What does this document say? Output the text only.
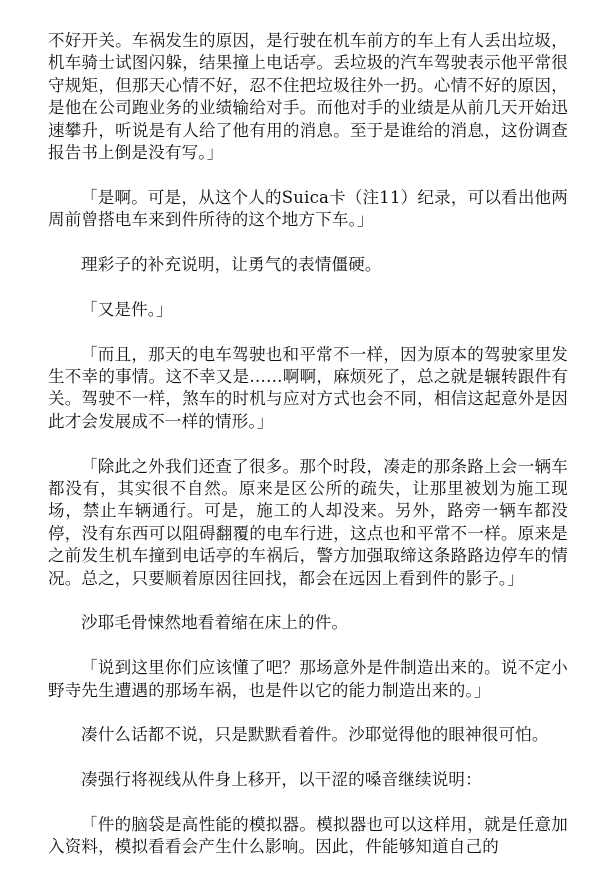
不好开关。车祸发生的原因，是行驶在机车前方的车上有人丢出垃圾，机车骑士试图闪躲，结果撞上电话亭。丢垃圾的汽车驾驶表示他平常很守规矩，但那天心情不好，忍不住把垃圾往外一扔。心情不好的原因，是他在公司跑业务的业绩输给对手。而他对手的业绩是从前几天开始迅速攀升，听说是有人给了他有用的消息。至于是谁给的消息，这份调查报告书上倒是没有写。」

「是啊。可是，从这个人的Suica卡（注11）纪录，可以看出他两周前曾搭电车来到件所待的这个地方下车。」

理彩子的补充说明，让勇气的表情僵硬。

「又是件。」

「而且，那天的电车驾驶也和平常不一样，因为原本的驾驶家里发生不幸的事情。这不幸又是……啊啊，麻烦死了，总之就是辗转跟件有关。驾驶不一样，煞车的时机与应对方式也会不同，相信这起意外是因此才会发展成不一样的情形。」

「除此之外我们还查了很多。那个时段，凑走的那条路上会一辆车都没有，其实很不自然。原来是区公所的疏失，让那里被划为施工现场，禁止车辆通行。可是，施工的人却没来。另外，路旁一辆车都没停，没有东西可以阻碍翻覆的电车行进，这点也和平常不一样。原来是之前发生机车撞到电话亭的车祸后，警方加强取缔这条路路边停车的情况。总之，只要顺着原因往回找，都会在远因上看到件的影子。」

沙耶毛骨悚然地看着缩在床上的件。

「说到这里你们应该懂了吧？那场意外是件制造出来的。说不定小野寺先生遭遇的那场车祸，也是件以它的能力制造出来的。」

凑什么话都不说，只是默默看着件。沙耶觉得他的眼神很可怕。

凑强行将视线从件身上移开，以干涩的嗓音继续说明：

「件的脑袋是高性能的模拟器。模拟器也可以这样用，就是任意加入资料，模拟看看会产生什么影响。因此，件能够知道自己的
